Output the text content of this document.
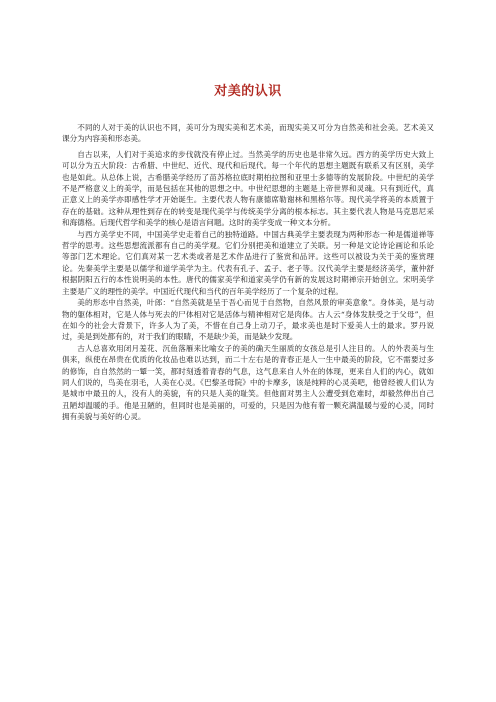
对美的认识

不同的人对于美的认识也不同，美可分为现实美和艺术美，而现实美又可分为自然美和社会美。艺术美又课分为内容美和形态美。

自古以来，人们对于美追求的步伐就没有停止过。当然美学的历史也是非常久远。西方的美学历史大致上可以分为五大阶段：古希腊、中世纪、近代、现代和后现代。每一个年代的思想主题既有联系又有区别，美学也是如此。从总体上说，古希腊美学经历了苗苏格拉底时期柏拉图和亚里士多德等的发展阶段。中世纪的美学不是严格意义上的美学，而是包括在其他的思想之中。中世纪思想的主题是上帝世界和灵魂。只有到近代，真正意义上的美学亦即感性学才开始诞生。主要代表人物有康德席勒谢林和黑格尔等。现代美学将美的本质置于存在的基础。这种从理性到存在的转变是现代美学与传统美学分离的根本标志。其主要代表人物是马克思尼采和海德格。后现代哲学和美学的核心是语言问题。这时的美学变成一种文本分析。

与西方美学史不同，中国美学史走着自己的独特道路。中国古典美学主要表现为两种形态一种是儒道禅等哲学的思考。这些思想流派都有自己的美学观。它们分别把美和道建立了关联。另一种是文论诗论画论和乐论等部门艺术理论。它们真对某一艺术类或者是艺术作品进行了鉴赏和品评。这些可以被设为关于美的鉴赏理论。先秦美学主要是以儒学和道学美学为主。代表有孔子、孟子、老子等。汉代美学主要是经济美学，董仲舒根据阴阳五行的本性说明美的本性。唐代的儒家美学和道家美学仍有新的发展这时期禅宗开始创立。宋明美学主要是广义的理性的美学。中国近代现代和当代的百年美学经历了一个复杂的过程。

美的形态中自然美，叶郎：“自然美就是呈于吾心而见于自然物，自然风景的审美意象”。身体美，是与动物的躯体相对，它是人体与死去的尸体相对它是活体与精神相对它是肉体。古人云“身体发肤受之于父母”，但在如今的社会大背景下，许多人为了美，不惜在自己身上动刀子，最求美也是时下爱美人士的最求。罗丹说过，美是到处都有的，对于我们的眼睛，不是缺少美，而是缺少发现。

古人总喜欢用闭月羞花、沉鱼落雁来比喻女子的美的确天生丽质的女孩总是引人注目的。人的外表美与生俱来，纵使在昂贵在优质的化妆品也难以达到，而二十左右是的青春正是人一生中最美的阶段，它不需要过多的修饰，自自然然的一颦一笑，都时刻透着青春的气息，这气息来自人外在的体现，更来自人们的内心，就如同人们说的，鸟美在羽毛，人美在心灵。《巴黎圣母院》中的卡摩多，该是纯粹的心灵美吧，他曾经被人们认为是城市中最丑的人，没有人的美貌，有的只是人美的耻笑。但他面对男主人公遭受到危难时，却毅然伸出自己丑陋却温暖的手。他是丑陋的，但同时也是美丽的，可爱的，只是因为他有着一颗充满温暖与爱的心灵，同时拥有美貌与美好的心灵。
